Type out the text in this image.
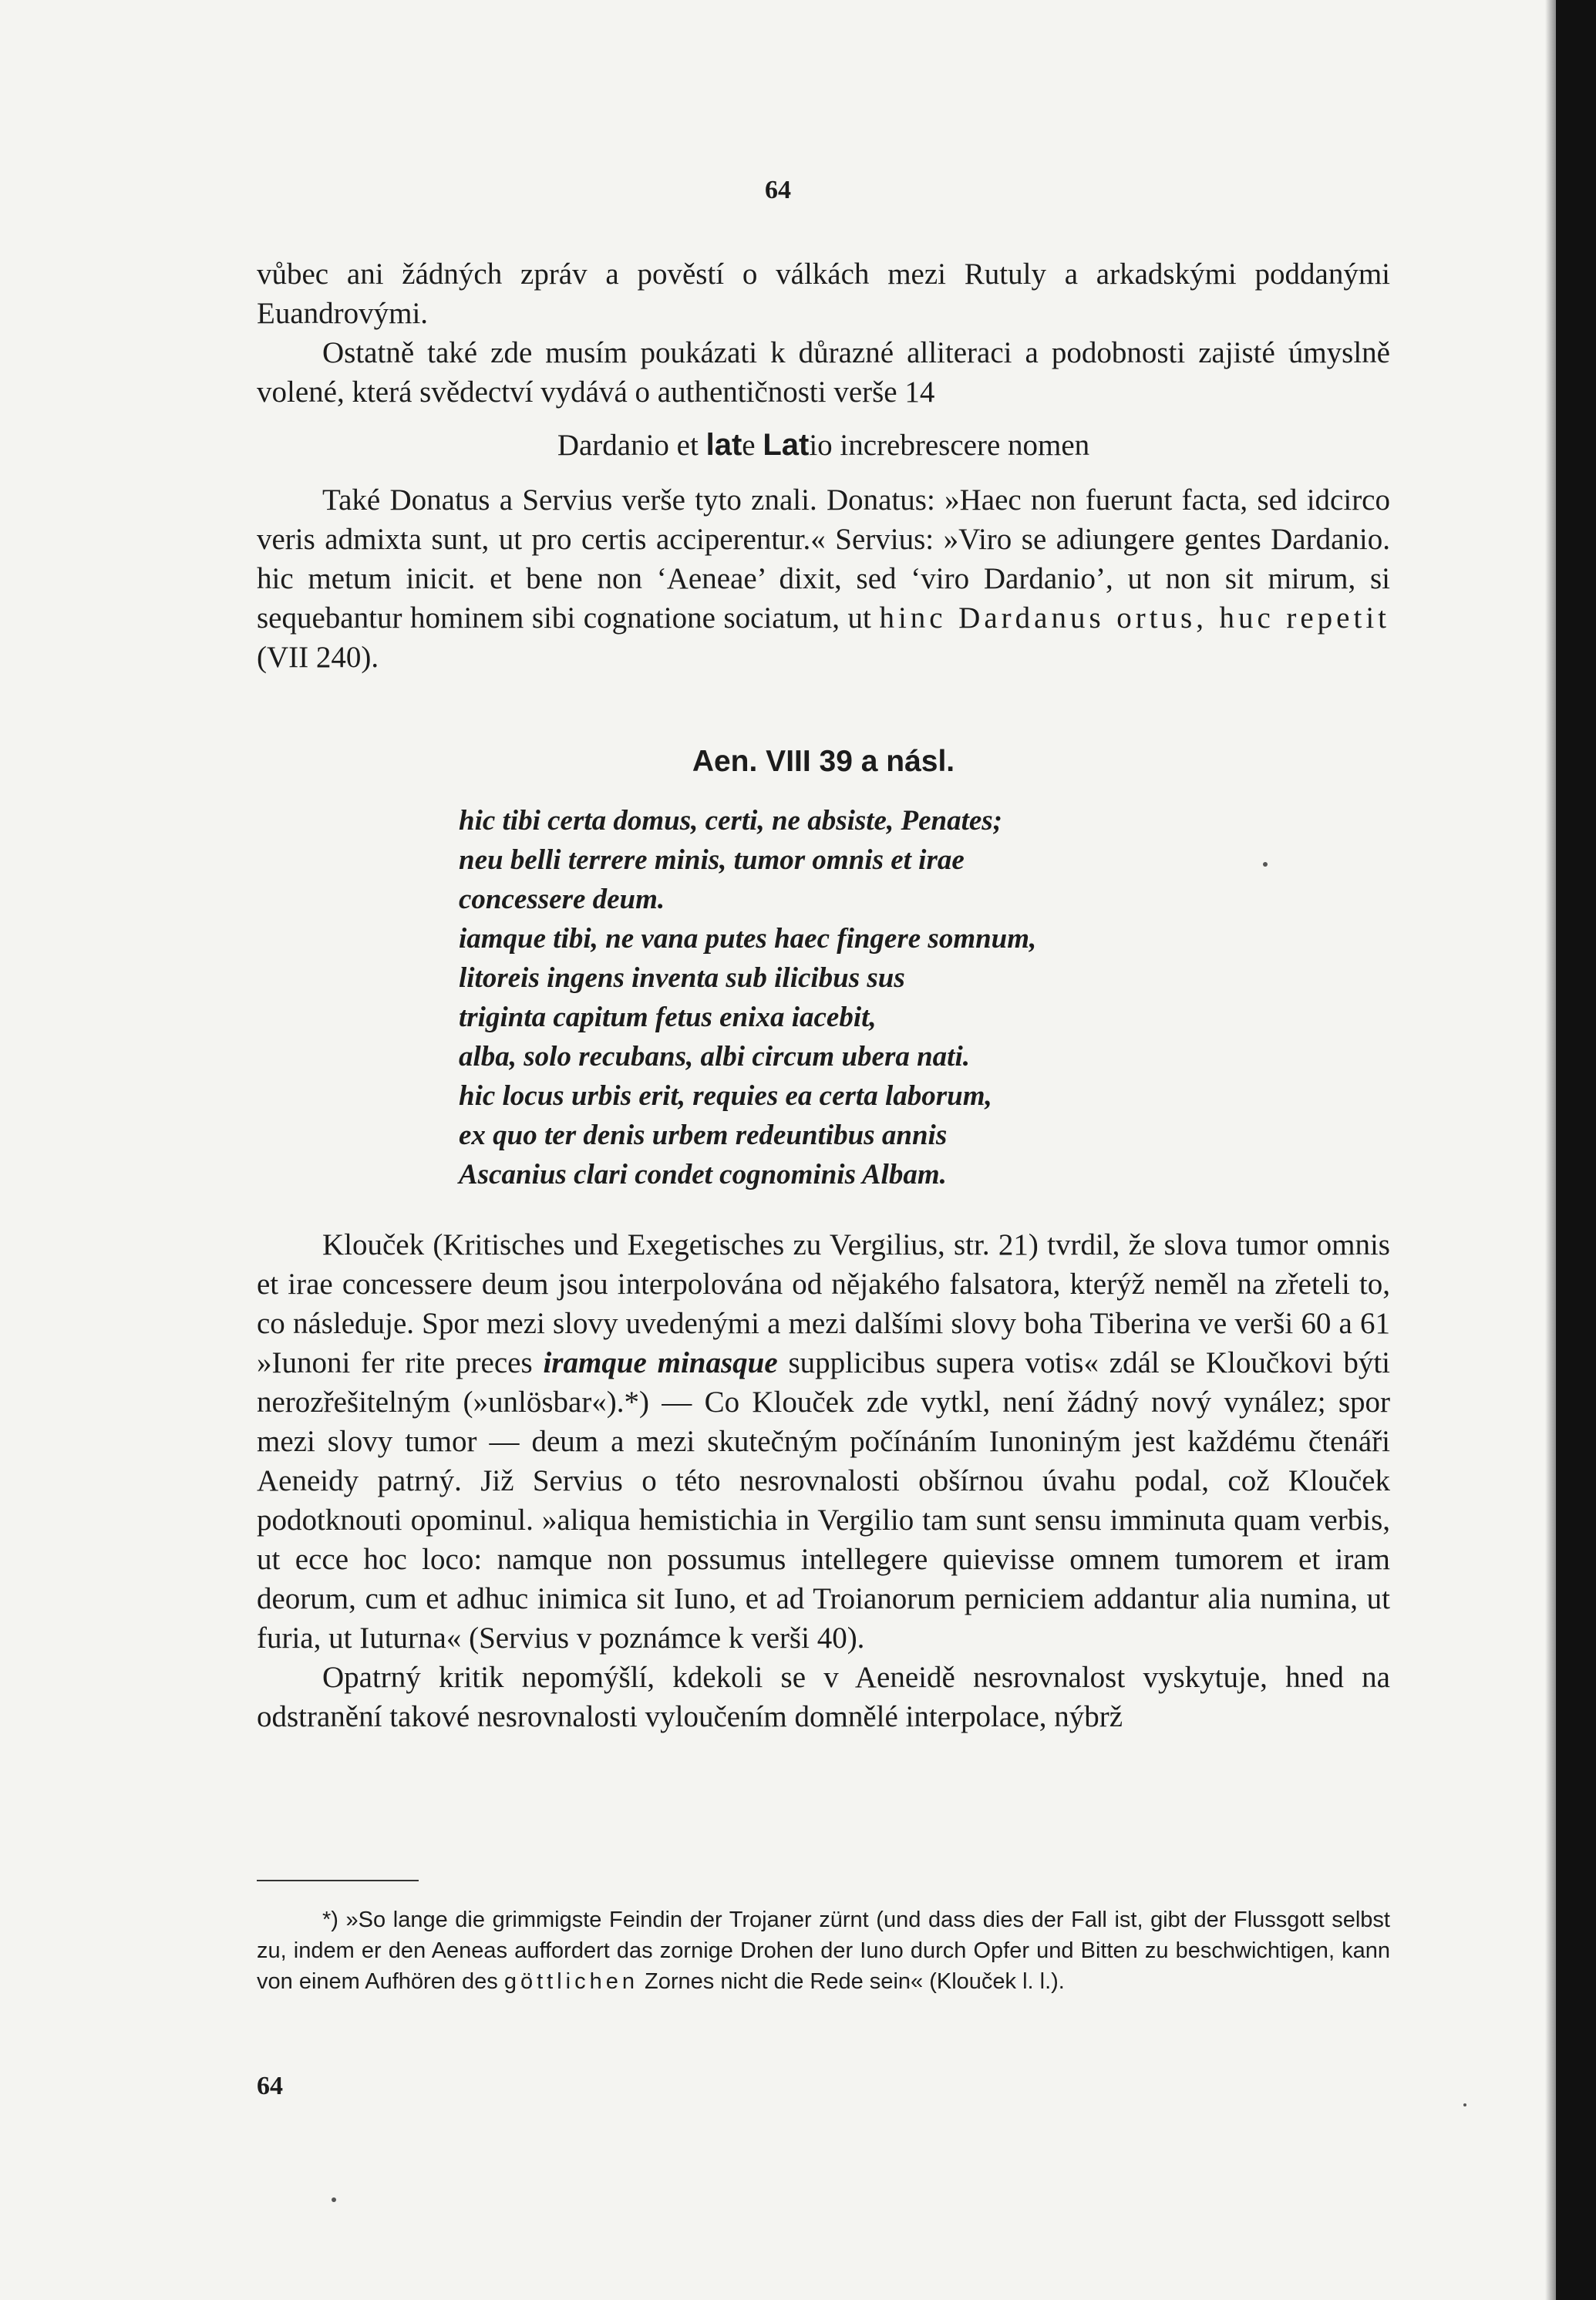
64

vůbec ani žádných zpráv a pověstí o válkách mezi Rutuly a arkadskými poddanými Euandrovými.

Ostatně také zde musím poukázati k důrazné alliteraci a podobnosti zajisté úmyslně volené, která svědectví vydává o authentičnosti verše 14

Dardanio et late Latio increbrescere nomen

Také Donatus a Servius verše tyto znali. Donatus: »Haec non fuerunt facta, sed idcirco veris admixta sunt, ut pro certis acciperentur.« Servius: »Viro se adiungere gentes Dardanio. hic metum inicit. et bene non ‘Aeneae’ dixit, sed ‘viro Dardanio’, ut non sit mirum, si sequebantur hominem sibi cognatione sociatum, ut hinc Dardanus ortus, huc repetit (VII 240).

Aen. VIII 39 a násl.
hic tibi certa domus, certi, ne absiste, Penates;
neu belli terrere minis, tumor omnis et irae
concessere deum.
iamque tibi, ne vana putes haec fingere somnum,
litoreis ingens inventa sub ilicibus sus
triginta capitum fetus enixa iacebit,
alba, solo recubans, albi circum ubera nati.
hic locus urbis erit, requies ea certa laborum,
ex quo ter denis urbem redeuntibus annis
Ascanius clari condet cognominis Albam.

Klouček (Kritisches und Exegetisches zu Vergilius, str. 21) tvrdil, že slova tumor omnis et irae concessere deum jsou interpolována od nějakého falsatora, kterýž neměl na zřeteli to, co následuje. Spor mezi slovy uvedenými a mezi dalšími slovy boha Tiberina ve verši 60 a 61 »Iunoni fer rite preces iramque minasque supplicibus supera votis« zdál se Kloučkovi býti nerozřešitelným (»unlösbar«).*) — Co Klouček zde vytkl, není žádný nový vynález; spor mezi slovy tumor — deum a mezi skutečným počínáním Iunoniným jest každému čtenáři Aeneidy patrný. Již Servius o této nesrovnalosti obšírnou úvahu podal, což Klouček podotknouti opominul. »aliqua hemistichia in Vergilio tam sunt sensu imminuta quam verbis, ut ecce hoc loco: namque non possumus intellegere quievisse omnem tumorem et iram deorum, cum et adhuc inimica sit Iuno, et ad Troianorum perniciem addantur alia numina, ut furia, ut Iuturna« (Servius v poznámce k verši 40).

Opatrný kritik nepomýšlí, kdekoli se v Aeneidě nesrovnalost vyskytuje, hned na odstranění takové nesrovnalosti vyloučením domnělé interpolace, nýbrž

*) »So lange die grimmigste Feindin der Trojaner zürnt (und dass dies der Fall ist, gibt der Flussgott selbst zu, indem er den Aeneas auffordert das zornige Drohen der Iuno durch Opfer und Bitten zu beschwichtigen, kann von einem Aufhören des göttlichen Zornes nicht die Rede sein« (Klouček l. l.).

64
